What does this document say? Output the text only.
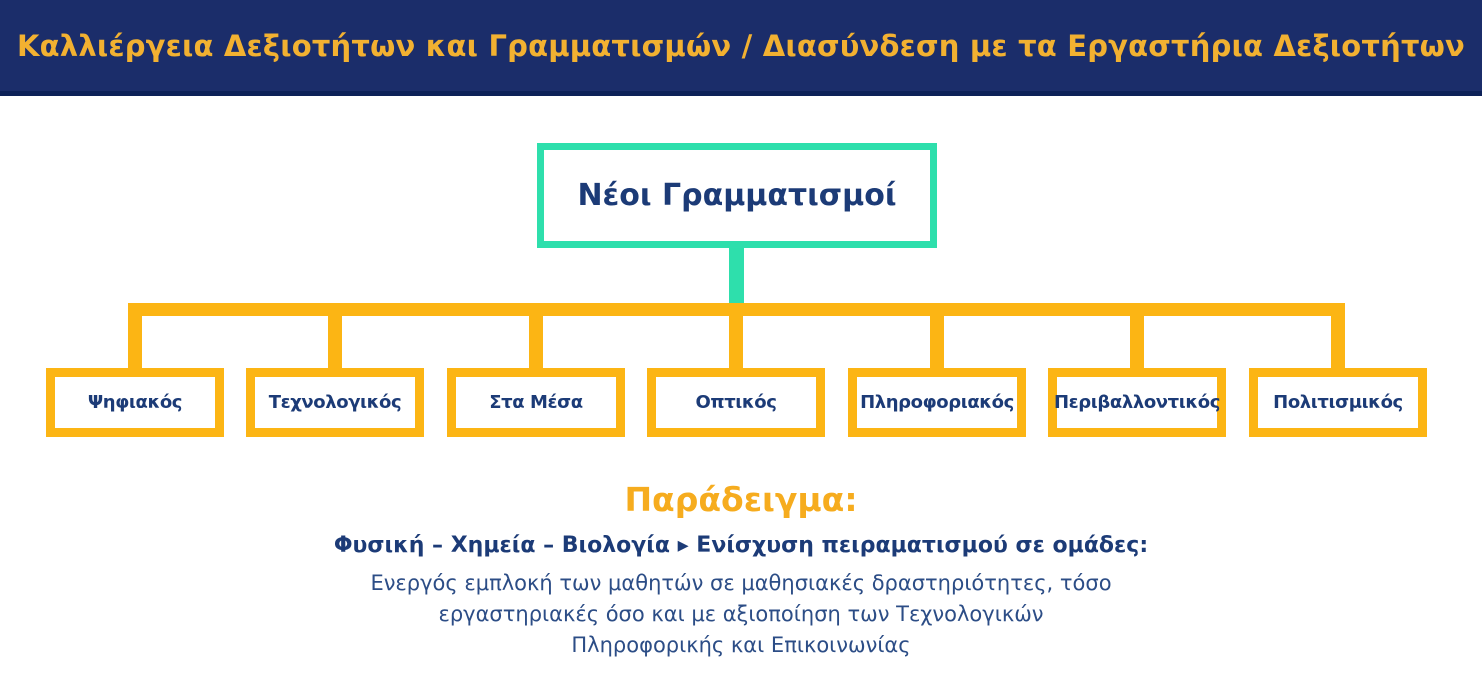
Καλλιέργεια Δεξιοτήτων και Γραμματισμών / Διασύνδεση με τα Εργαστήρια Δεξιοτήτων
Νέοι Γραμματισμοί
Ψηφιακός	Τεχνολογικός	Στα Μέσα	Οπτικός	Πληροφοριακός Περιβαλλοντικός	Πολιτισμικός
Παράδειγμα:

Φυσική – Χημεία – Βιολογία ▸ Ενίσχυση πειραματισμού σε ομάδες:

Ενεργός εμπλοκή των μαθητών σε μαθησιακές δραστηριότητες, τόσο

εργαστηριακές όσο και με αξιοποίηση των Τεχνολογικών

Πληροφορικής και Επικοινωνίας
